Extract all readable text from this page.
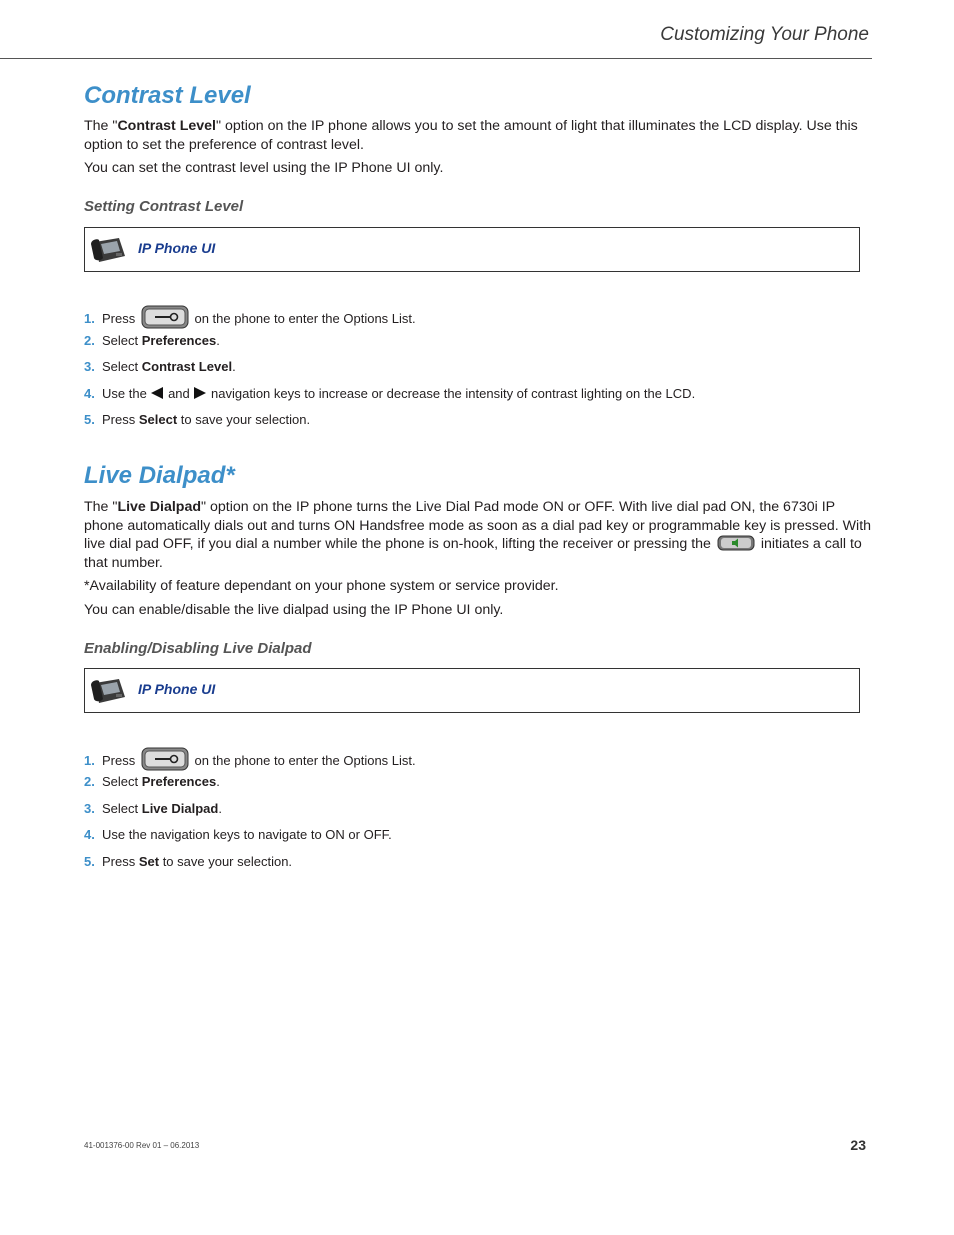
Customizing Your Phone
Contrast Level

The "Contrast Level" option on the IP phone allows you to set the amount of light that illuminates the LCD display. Use this option to set the preference of contrast level.

You can set the contrast level using the IP Phone UI only.

Setting Contrast Level
IP Phone UI
1. Press	on the phone to enter the Options List.
2. Select Preferences.
3. Select Contrast Level.
4. Use the and navigation keys to increase or decrease the intensity of contrast lighting on the LCD.
5. Press Select to save your selection.
Live Dialpad*

The "Live Dialpad" option on the IP phone turns the Live Dial Pad mode ON or OFF. With live dial pad ON, the 6730i IP phone automatically dials out and turns ON Handsfree mode as soon as a dial pad key or programmable key is pressed. With live dial pad OFF, if you dial a number while the phone is on-hook, lifting the receiver or pressing the	initiates a call to that number.

*Availability of feature dependant on your phone system or service provider.

You can enable/disable the live dialpad using the IP Phone UI only.

Enabling/Disabling Live Dialpad
IP Phone UI
1. Press	on the phone to enter the Options List.
2. Select Preferences.
3. Select Live Dialpad.
4. Use the navigation keys to navigate to ON or OFF.
5. Press Set to save your selection.
41-001376-00 Rev 01 – 06.2013	23
